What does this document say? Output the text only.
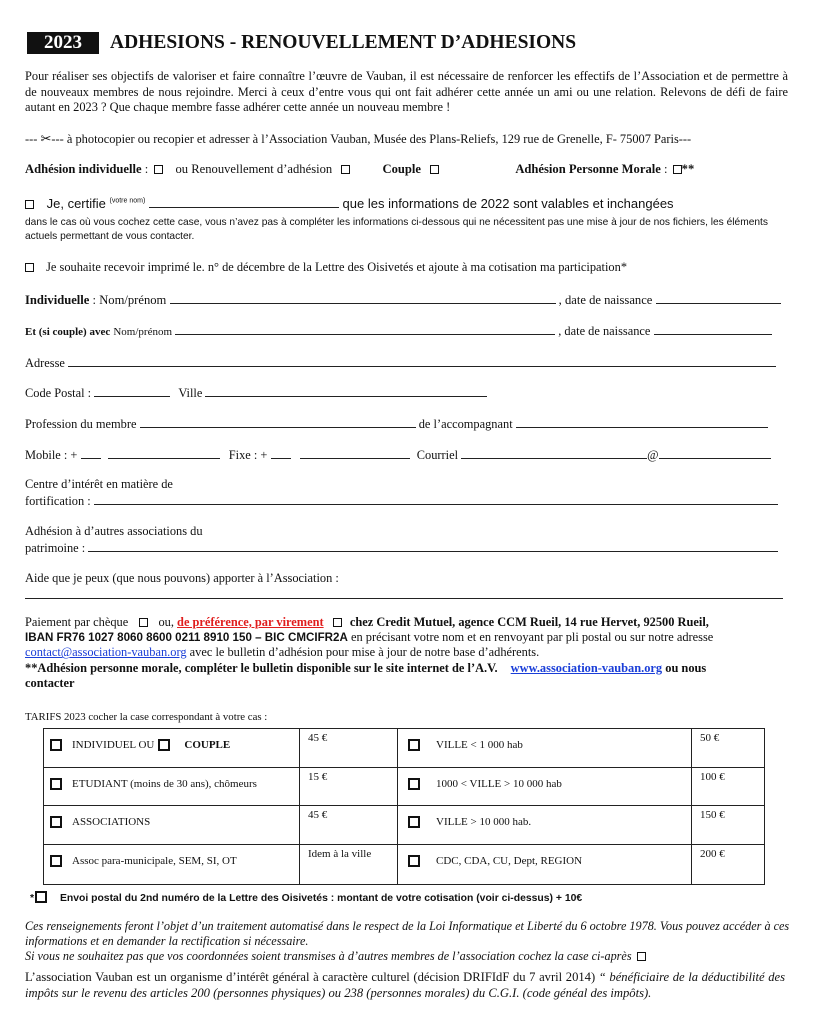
2023	ADHESIONS - RENOUVELLEMENT D’ADHESIONS
Pour réaliser ses objectifs de valoriser et faire connaître l’œuvre de Vauban, il est nécessaire de renforcer les effectifs de l’Association et de permettre à de nouveaux membres de nous rejoindre. Merci à ceux d’entre vous qui ont fait adhérer cette année un ami ou une relation. Relevons de défi de faire autant en 2023 ? Que chaque membre fasse adhérer cette année un nouveau membre !
--- ✂--- à photocopier ou recopier et adresser à l’Association Vauban, Musée des Plans-Reliefs, 129 rue de Grenelle, F- 75007 Paris---
Adhésion individuelle : ou Renouvellement d’adhésion	Couple	Adhésion Personne Morale : **
Je, certifie $^{(votre nom)}$	que les informations de 2022 sont valables et inchangées
dans le cas où vous cochez cette case, vous n’avez pas à compléter les informations ci-dessous qui ne nécessitent pas une mise à jour de nos fichiers, les éléments actuels permettant de vous contacter.
Je souhaite recevoir imprimé le. n° de décembre de la Lettre des Oisivetés et ajoute à ma cotisation ma participation*
Individuelle : Nom/prénom	, date de naissance
Et (si couple) avec Nom/prénom	, date de naissance
Adresse
Code Postal :	Ville
Profession du membre	de l’accompagnant
Mobile : +	Fixe : +	Courriel	@
Centre d’intérêt en matière de
fortification :
Adhésion à d’autres associations du
patrimoine :
Aide que je peux (que nous pouvons) apporter à l’Association :
Paiement par chèque ou, de préférence, par virement chez Credit Mutuel, agence CCM Rueil, 14 rue Hervet, 92500 Rueil,
IBAN FR76 1027 8060 8600 0211 8910 150 – BIC CMCIFR2A en précisant votre nom et en renvoyant par pli postal ou sur notre adresse
contact@association-vauban.org avec le bulletin d’adhésion pour mise à jour de notre base d’adhérents.
**Adhésion personne morale, compléter le bulletin disponible sur le site internet de l’A.V. www.association-vauban.org ou nous
contacter
TARIFS 2023 cocher la case correspondant à votre cas :
INDIVIDUEL OU COUPLE	45 €	VILLE < 1 000 hab	50 €

ETUDIANT (moins de 30 ans), chômeurs	15 €	1000 < VILLE > 10 000 hab	100 €

ASSOCIATIONS	45 €	VILLE > 10 000 hab.	150 €

Assoc para-municipale, SEM, SI, OT	Idem à la ville	CDC, CDA, CU, Dept, REGION	200 €
* Envoi postal du 2nd numéro de la Lettre des Oisivetés : montant de votre cotisation (voir ci-dessus) + 10€
Ces renseignements feront l’objet d’un traitement automatisé dans le respect de la Loi Informatique et Liberté du 6 octobre 1978. Vous pouvez accéder à ces informations et en demander la rectification si nécessaire.
Si vous ne souhaitez pas que vos coordonnées soient transmises à d’autres membres de l’association cochez la case ci-après
L’association Vauban est un organisme d’intérêt général à caractère culturel (décision DRIFIdF du 7 avril 2014) “ bénéficiaire de la déductibilité des impôts sur le revenu des articles 200 (personnes physiques) ou 238 (personnes morales) du C.G.I. (code généal des impôts).
